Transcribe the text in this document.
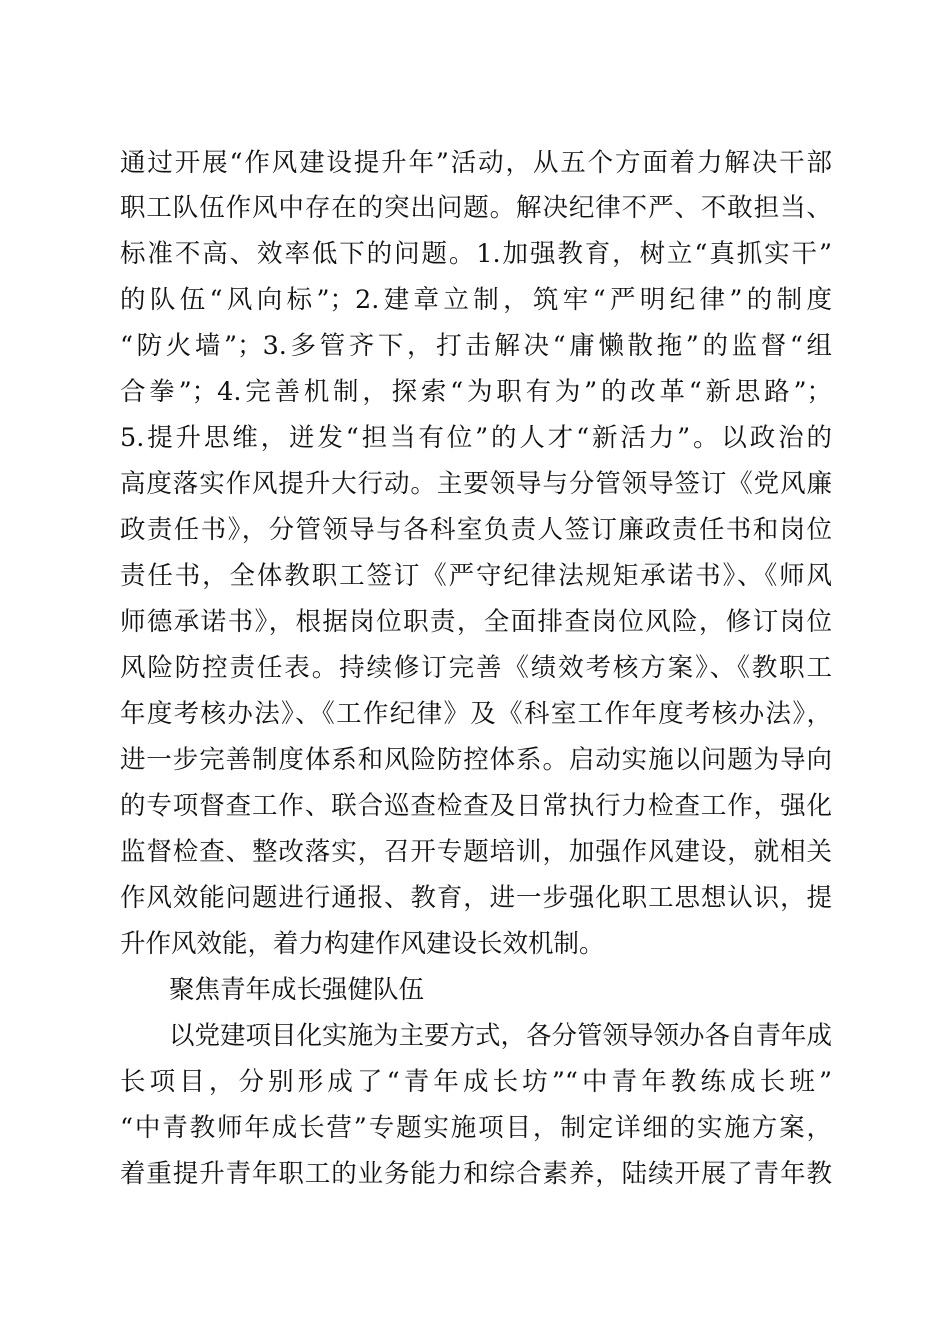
通过开展“作风建设提升年”活动，从五个方面着力解决干部
职工队伍作风中存在的突出问题。解决纪律不严、不敢担当、
标准不高、效率低下的问题。1.加强教育，树立“真抓实干”
的队伍“风向标”；2.建章立制，筑牢“严明纪律”的制度
“防火墙”；3.多管齐下，打击解决“庸懒散拖”的监督“组
合拳”；4.完善机制，探索“为职有为”的改革“新思路”；
5.提升思维，迸发“担当有位”的人才“新活力”。以政治的
高度落实作风提升大行动。主要领导与分管领导签订《党风廉
政责任书》，分管领导与各科室负责人签订廉政责任书和岗位
责任书，全体教职工签订《严守纪律法规矩承诺书》、《师风
师德承诺书》，根据岗位职责，全面排查岗位风险，修订岗位
风险防控责任表。持续修订完善《绩效考核方案》、《教职工
年度考核办法》、《工作纪律》及《科室工作年度考核办法》，
进一步完善制度体系和风险防控体系。启动实施以问题为导向
的专项督查工作、联合巡查检查及日常执行力检查工作，强化
监督检查、整改落实，召开专题培训，加强作风建设，就相关
作风效能问题进行通报、教育，进一步强化职工思想认识，提
升作风效能，着力构建作风建设长效机制。
聚焦青年成长强健队伍
以党建项目化实施为主要方式，各分管领导领办各自青年成
长项目，分别形成了“青年成长坊”“中青年教练成长班”
“中青教师年成长营”专题实施项目，制定详细的实施方案，
着重提升青年职工的业务能力和综合素养，陆续开展了青年教
